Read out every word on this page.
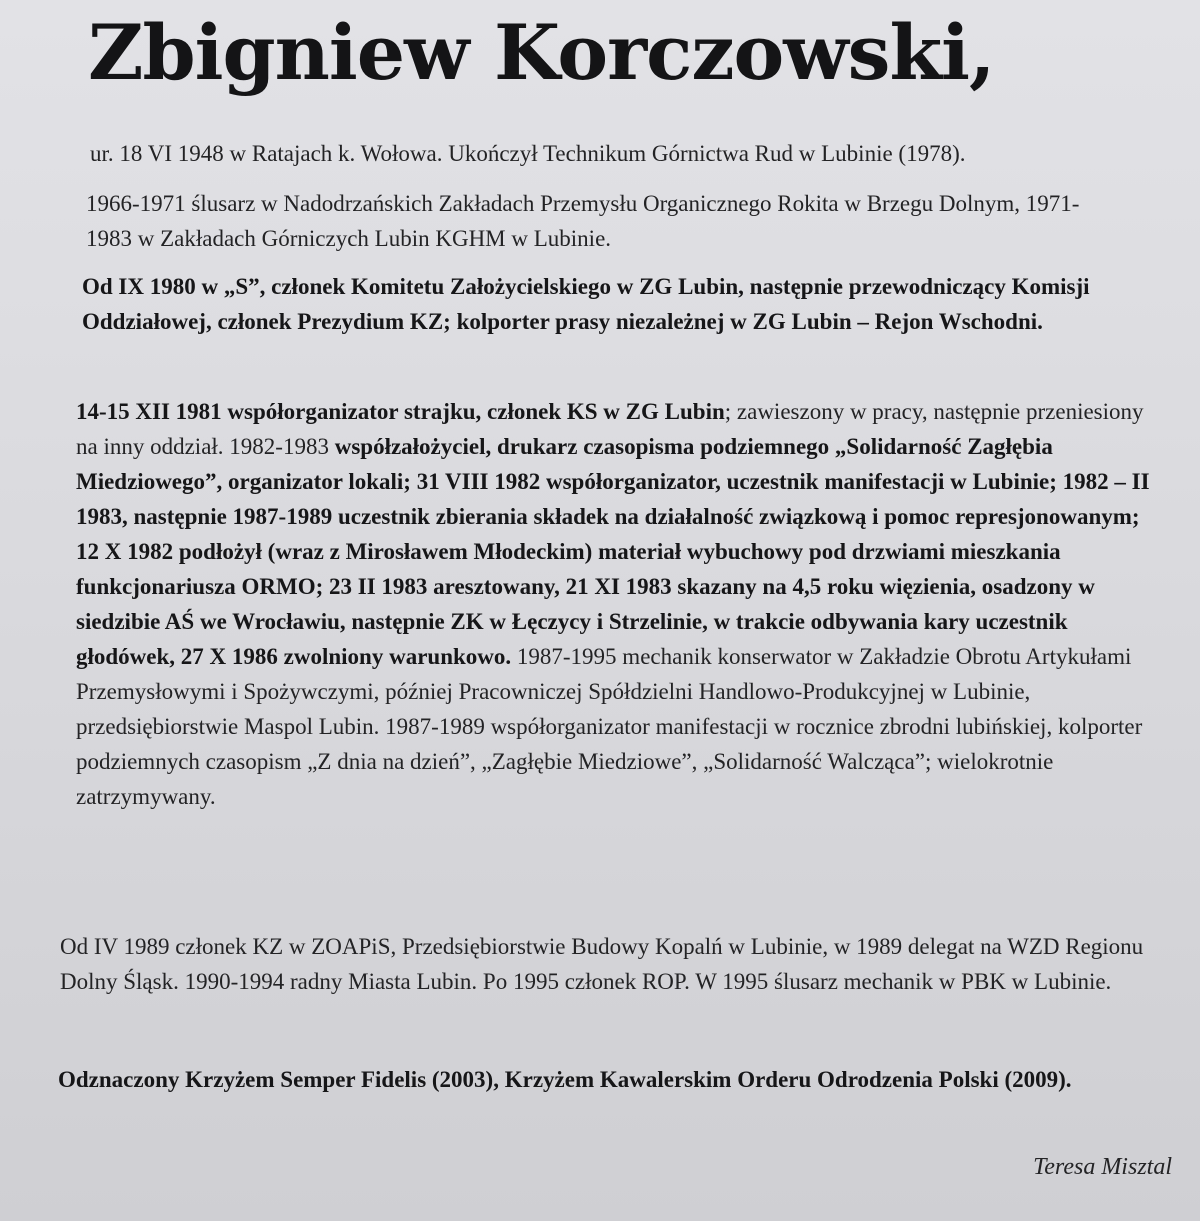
Zbigniew Korczowski,

ur. 18 VI 1948 w Ratajach k. Wołowa. Ukończył Technikum Górnictwa Rud w Lubinie (1978).

1966-1971 ślusarz w Nadodrzańskich Zakładach Przemysłu Organicznego Rokita w Brzegu Dolnym, 1971-1983 w Zakładach Górniczych Lubin KGHM w Lubinie.

Od IX 1980 w „S”, członek Komitetu Założycielskiego w ZG Lubin, następnie przewodniczący Komisji Oddziałowej, członek Prezydium KZ; kolporter prasy niezależnej w ZG Lubin – Rejon Wschodni.

14-15 XII 1981 współorganizator strajku, członek KS w ZG Lubin; zawieszony w pracy, następnie przeniesiony na inny oddział. 1982-1983 współzałożyciel, drukarz czasopisma podziemnego „Solidarność Zagłębia Miedziowego”, organizator lokali; 31 VIII 1982 współorganizator, uczestnik manifestacji w Lubinie; 1982 – II 1983, następnie 1987-1989 uczestnik zbierania składek na działalność związkową i pomoc represjonowanym; 12 X 1982 podłożył (wraz z Mirosławem Młodeckim) materiał wybuchowy pod drzwiami mieszkania funkcjonariusza ORMO; 23 II 1983 aresztowany, 21 XI 1983 skazany na 4,5 roku więzienia, osadzony w siedzibie AŚ we Wrocławiu, następnie ZK w Łęczycy i Strzelinie, w trakcie odbywania kary uczestnik głodówek, 27 X 1986 zwolniony warunkowo. 1987-1995 mechanik konserwator w Zakładzie Obrotu Artykułami Przemysłowymi i Spożywczymi, później Pracowniczej Spółdzielni Handlowo-Produkcyjnej w Lubinie, przedsiębiorstwie Maspol Lubin. 1987-1989 współorganizator manifestacji w rocznice zbrodni lubińskiej, kolporter podziemnych czasopism „Z dnia na dzień”, „Zagłębie Miedziowe”, „Solidarność Walcząca”; wielokrotnie zatrzymywany.

Od IV 1989 członek KZ w ZOAPiS, Przedsiębiorstwie Budowy Kopalń w Lubinie, w 1989 delegat na WZD Regionu Dolny Śląsk. 1990-1994 radny Miasta Lubin. Po 1995 członek ROP. W 1995 ślusarz mechanik w PBK w Lubinie.

Odznaczony Krzyżem Semper Fidelis (2003), Krzyżem Kawalerskim Orderu Odrodzenia Polski (2009).

Teresa Misztal
